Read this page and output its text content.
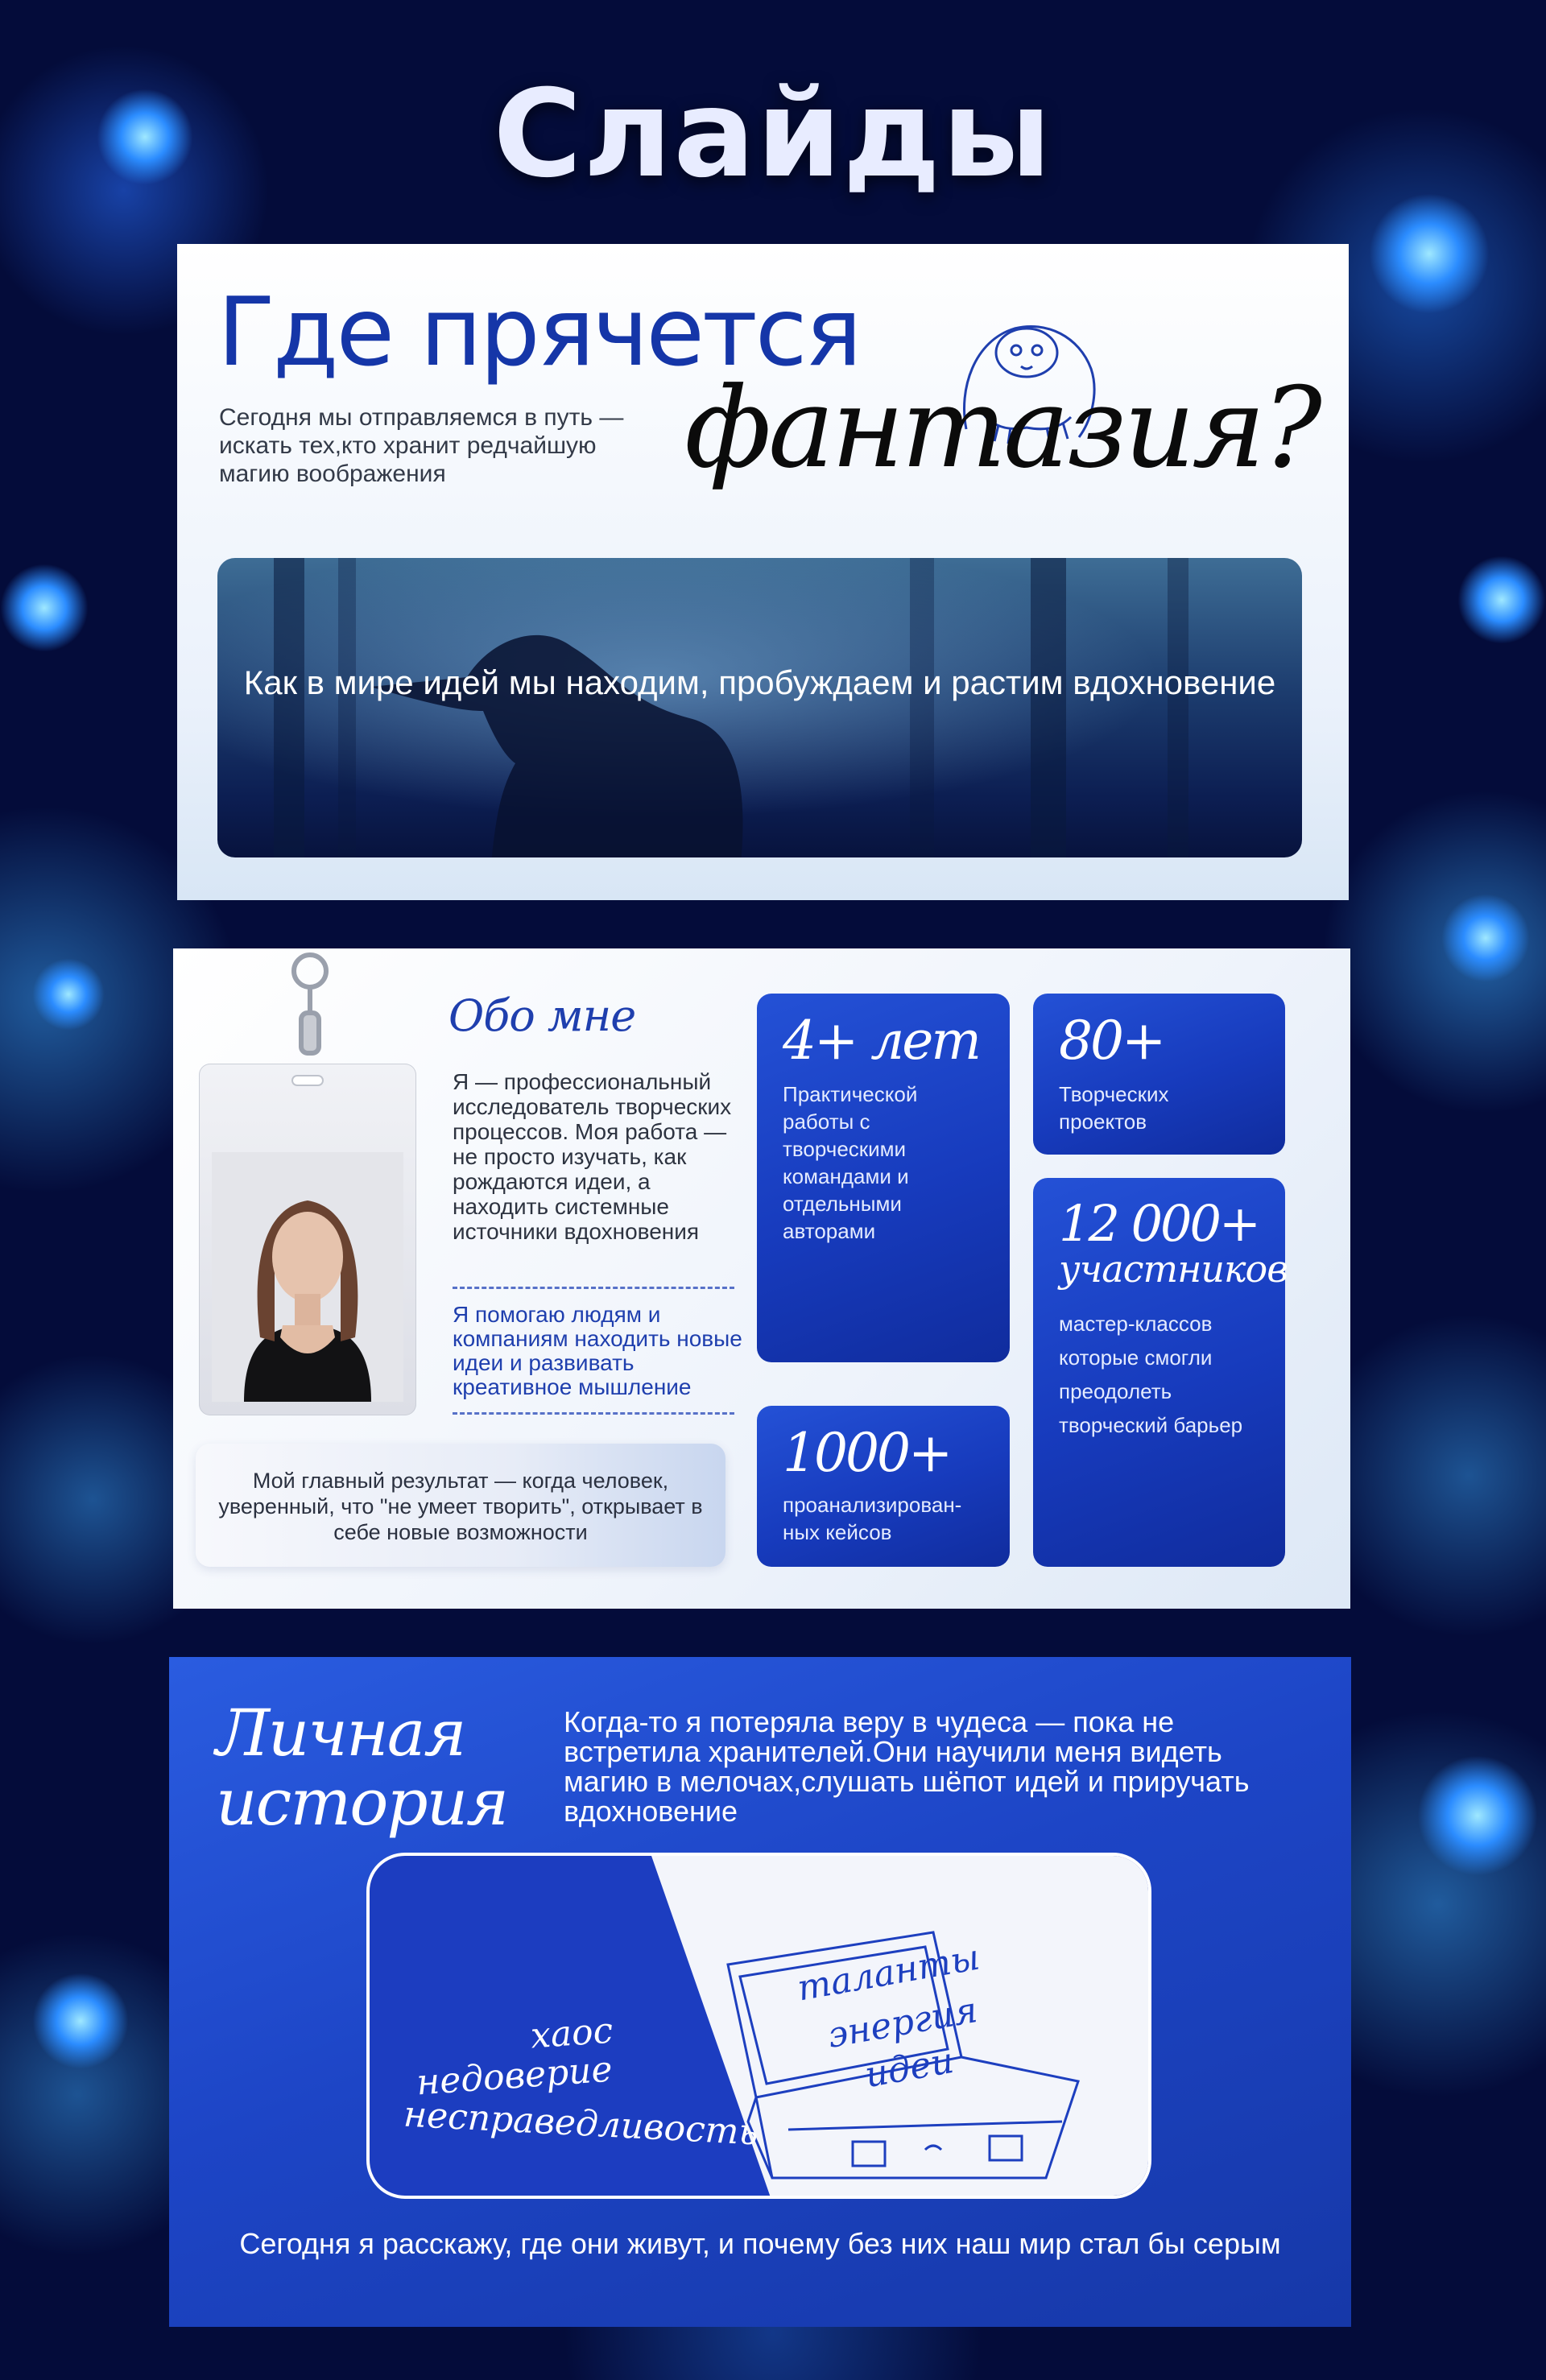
Слайды
Где прячется
Сегодня мы отправляемся в путь — искать тех,кто хранит редчайшую магию воображения	фантазия?
Как в мире идей мы находим, пробуждаем и растим вдохновение
Обо мне
Я — профессиональный исследователь творческих процессов. Моя работа — не просто изучать, как рождаются идеи, а находить системные источники вдохновения
Я помогаю людям и компаниям находить новые идеи и развивать креативное мышление
Мой главный результат — когда человек, уверенный, что "не умеет творить", открывает в себе новые возможности
4+ лет
Практической работы с творческими командами и отдельными авторами
80+
Творческих проектов
12 000+
участников
мастер-классов которые смогли преодолеть творческий барьер
1000+
проанализирован-ных кейсов
Личная
история
Когда-то я потеряла веру в чудеса — пока не встретила хранителей.Они научили меня видеть магию в мелочах,слушать шёпот идей и приручать вдохновение
хаос
недоверие
несправедливость
таланты
энергия
идеи
Сегодня я расскажу, где они живут, и почему без них наш мир стал бы серым
